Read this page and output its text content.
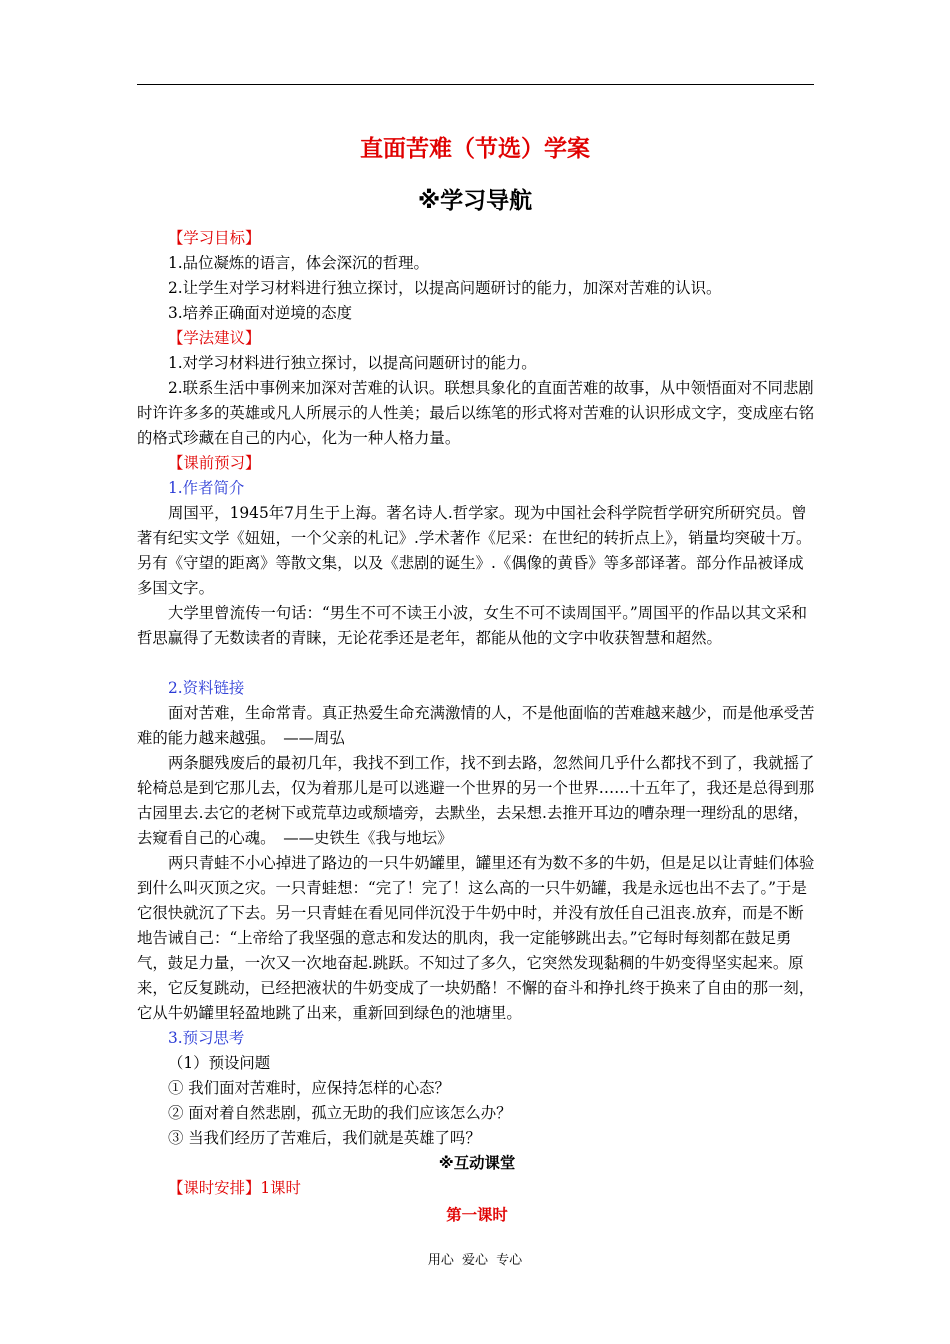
直面苦难（节选）学案
※学习导航

【学习目标】

1.品位凝炼的语言，体会深沉的哲理。

2.让学生对学习材料进行独立探讨，以提高问题研讨的能力，加深对苦难的认识。

3.培养正确面对逆境的态度

【学法建议】

1.对学习材料进行独立探讨，以提高问题研讨的能力。

2.联系生活中事例来加深对苦难的认识。联想具象化的直面苦难的故事，从中领悟面对不同悲剧时许许多多的英雄或凡人所展示的人性美；最后以练笔的形式将对苦难的认识形成文字，变成座右铭的格式珍藏在自己的内心，化为一种人格力量。

【课前预习】

1.作者简介

周国平，1945年7月生于上海。著名诗人.哲学家。现为中国社会科学院哲学研究所研究员。曾著有纪实文学《妞妞，一个父亲的札记》.学术著作《尼采：在世纪的转折点上》，销量均突破十万。另有《守望的距离》等散文集，以及《悲剧的诞生》.《偶像的黄昏》等多部译著。部分作品被译成多国文字。

大学里曾流传一句话：“男生不可不读王小波，女生不可不读周国平。”周国平的作品以其文采和哲思赢得了无数读者的青睐，无论花季还是老年，都能从他的文字中收获智慧和超然。

2.资料链接

面对苦难，生命常青。真正热爱生命充满激情的人，不是他面临的苦难越来越少，而是他承受苦难的能力越来越强。　——周弘

两条腿残废后的最初几年，我找不到工作，找不到去路，忽然间几乎什么都找不到了，我就摇了轮椅总是到它那儿去，仅为着那儿是可以逃避一个世界的另一个世界……十五年了，我还是总得到那古园里去.去它的老树下或荒草边或颓墙旁，去默坐，去呆想.去推开耳边的嘈杂理一理纷乱的思绪，去窥看自己的心魂。　——史铁生《我与地坛》

两只青蛙不小心掉进了路边的一只牛奶罐里，罐里还有为数不多的牛奶，但是足以让青蛙们体验到什么叫灭顶之灾。一只青蛙想：“完了！完了！这么高的一只牛奶罐，我是永远也出不去了。”于是它很快就沉了下去。另一只青蛙在看见同伴沉没于牛奶中时，并没有放任自己沮丧.放弃，而是不断地告诫自己：“上帝给了我坚强的意志和发达的肌肉，我一定能够跳出去。”它每时每刻都在鼓足勇气，鼓足力量，一次又一次地奋起.跳跃。不知过了多久，它突然发现黏稠的牛奶变得坚实起来。原来，它反复跳动，已经把液状的牛奶变成了一块奶酪！不懈的奋斗和挣扎终于换来了自由的那一刻，它从牛奶罐里轻盈地跳了出来，重新回到绿色的池塘里。

3.预习思考

（1）预设问题

① 我们面对苦难时，应保持怎样的心态？

② 面对着自然悲剧，孤立无助的我们应该怎么办？

③ 当我们经历了苦难后，我们就是英雄了吗？

※互动课堂

【课时安排】1课时

第一课时

用心 爱心 专心
